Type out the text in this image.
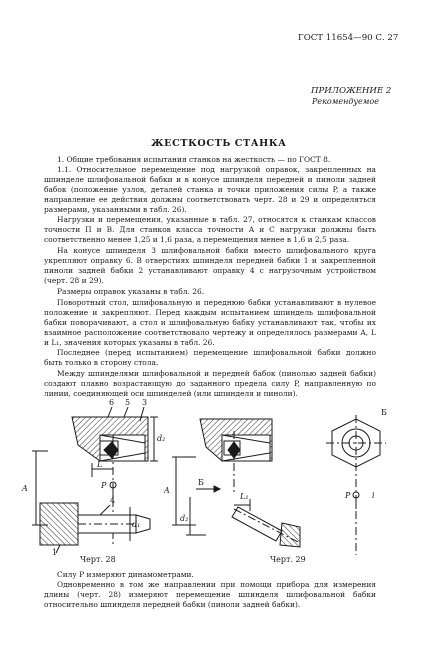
ГОСТ 11654—90 С. 27
ПРИЛОЖЕНИЕ 2
Рекомендуемое
ЖЕСТКОСТЬ СТАНКА

1. Общие требования испытания станков на жесткость — по ГОСТ 8.

1.1. Относительное перемещение под нагрузкой оправок, закрепленных на шпинделе шлифовальной бабки и в конусе шпинделя передней и пиноли задней бабок (положение узлов, деталей станка и точки приложения силы P, а также направление ее действия должны соответствовать черт. 28 и 29 и определяться размерами, указанными в табл. 26).

Нагрузки и перемещения, указанные в табл. 27, относятся к станкам классов точности П и В. Для станков класса точности А и С нагрузки должны быть соответственно менее 1,25 и 1,6 раза, а перемещения менее в 1,6 и 2,5 раза.

На конусе шпинделя 3 шлифовальной бабки вместо шлифовального круга укрепляют оправку 6. В отверстиях шпинделя передней бабки 1 и закрепленной пиноли задней бабки 2 устанавливают оправку 4 с нагрузочным устройством (черт. 28 и 29).

Размеры оправок указаны в табл. 26.

Поворотный стол, шлифовальную и переднюю бабки устанавливают в нулевое положение и закрепляют. Перед каждым испытанием шпиндель шлифовальной бабки поворачивают, а стол и шлифовальную бабку устанавливают так, чтобы их взаимное расположение соответствовало чертежу и определялось размерами A, L и L₁, значения которых указаны в табл. 26.

Последнее (перед испытанием) перемещение шлифовальной бабки должно быть только в сторону стола.

Между шпинделями шлифовальной и передней бабок (пинолью задней бабки) создают плавно возрастающую до заданного предела силу P, направленную по линии, соединяющей оси шпинделей (или шпинделя и пиноли).

6 5 3
d₂
A
L
P
4
d₁
1
Б
L₁
A
d₂
Б
P	i
Черт. 28	Черт. 29

Силу P измеряют динамометрами.

Одновременно в том же направлении при помощи прибора для измерения длины (черт. 28) измеряют перемещение шпинделя шлифовальной бабки относительно шпинделя передней бабки (пиноли задней бабки).
